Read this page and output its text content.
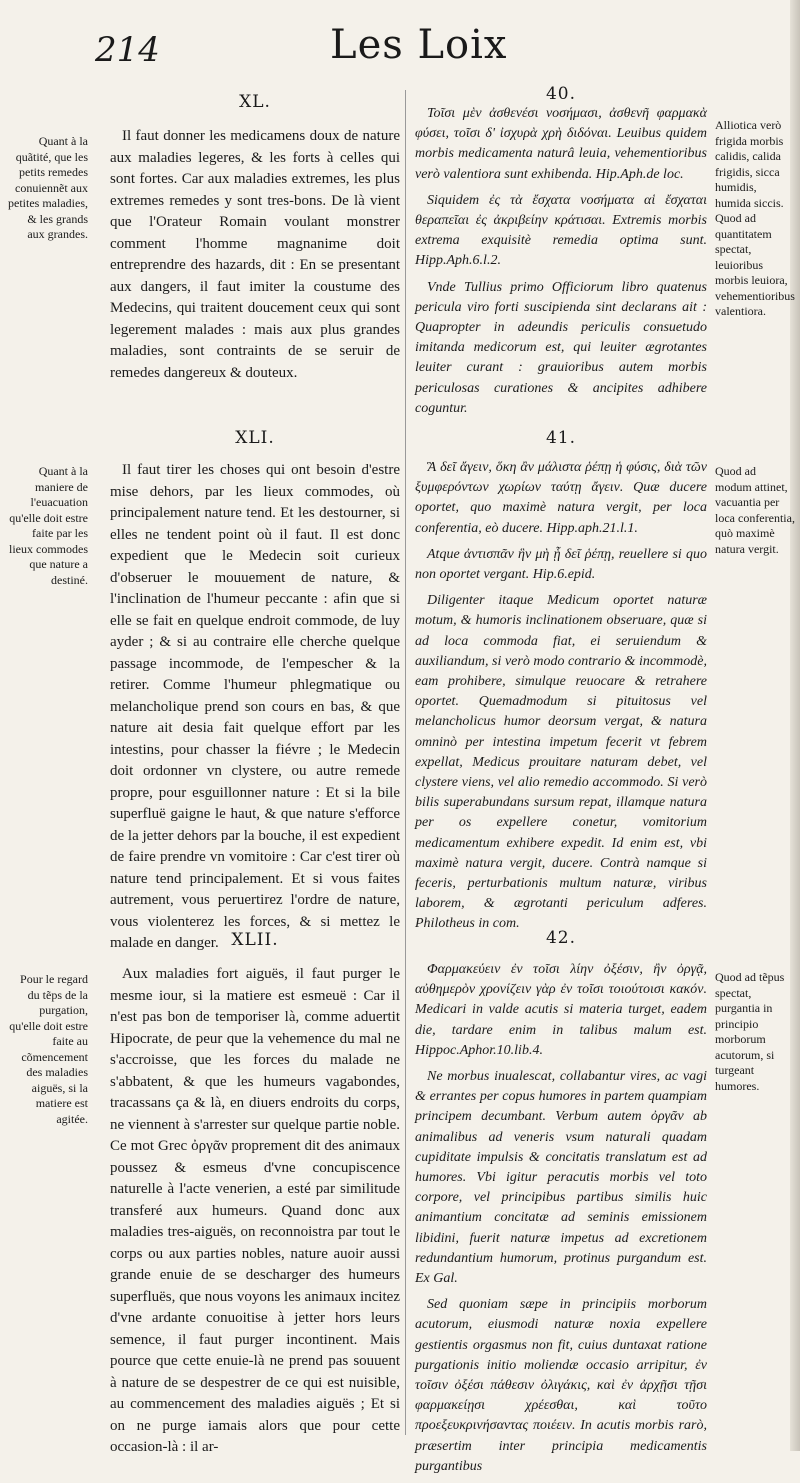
214	Les Loix
XL.
Quant à la quãtité, que les petits remedes conuiennẽt aux petites maladies, & les grands aux grandes.

Il faut donner les medicamens doux de nature aux maladies legeres, & les forts à celles qui sont fortes. Car aux maladies extremes, les plus extremes remedes y sont tres-bons. De là vient que l'Orateur Romain voulant monstrer comment l'homme magnanime doit entreprendre des hazards, dit : En se presentant aux dangers, il faut imiter la coustume des Medecins, qui traitent doucement ceux qui sont legerement malades : mais aux plus grandes maladies, sont contraints de se seruir de remedes dangereux & douteux.

40.

Τοῖσι μὲν ἀσθενέσι νοσήμασι, ἀσθενῆ φαρμακὰ φύσει, τοῖσι δ' ἰσχυρὰ χρὴ διδόναι. Leuibus quidem morbis medicamenta naturâ leuia, vehementioribus verò valentiora sunt exhibenda. Hip.Aph.de loc.

Siquidem ἐς τὰ ἔσχατα νοσήματα αἱ ἔσχαται θεραπεῖαι ἐς ἀκριβείην κράτισαι. Extremis morbis extrema exquisitè remedia optima sunt. Hipp.Aph.6.l.2.

Vnde Tullius primo Officiorum libro quatenus pericula viro forti suscipienda sint declarans ait : Quapropter in adeundis periculis consuetudo imitanda medicorum est, qui leuiter ægrotantes leuiter curant : grauioribus autem morbis periculosas curationes & ancipites adhibere coguntur.

Alliotica verò frigida morbis calidis, calida frigidis, sicca humidis, humida siccis. Quod ad quantitatem spectat, leuioribus morbis leuiora, vehementioribus valentiora.
XLI.
Quant à la maniere de l'euacuation qu'elle doit estre faite par les lieux commodes que nature a destiné.

Il faut tirer les choses qui ont besoin d'estre mise dehors, par les lieux commodes, où principalement nature tend. Et les destourner, si elles ne tendent point où il faut. Il est donc expedient que le Medecin soit curieux d'obseruer le mouuement de nature, & l'inclination de l'humeur peccante : afin que si elle se fait en quelque endroit commode, de luy ayder ; & si au contraire elle cherche quelque passage incommode, de l'empescher & la retirer. Comme l'humeur phlegmatique ou melancholique prend son cours en bas, & que nature ait desia fait quelque effort par les intestins, pour chasser la fiévre ; le Medecin doit ordonner vn clystere, ou autre remede propre, pour esguillonner nature : Et si la bile superfluë gaigne le haut, & que nature s'efforce de la jetter dehors par la bouche, il est expedient de faire prendre vn vomitoire : Car c'est tirer où nature tend principalement. Et si vous faites autrement, vous peruertirez l'ordre de nature, vous violenterez les forces, & si mettez le malade en danger.

41.

Ἃ δεῖ ἄγειν, ὅκη ἂν μάλιστα ῥέπῃ ἡ φύσις, διὰ τῶν ξυμφερόντων χωρίων ταύτῃ ἄγειν. Quæ ducere oportet, quo maximè natura vergit, per loca conferentia, eò ducere. Hipp.aph.21.l.1.

Atque ἀντισπᾶν ἣν μὴ ᾗ δεῖ ῥέπῃ, reuellere si quo non oportet vergant. Hip.6.epid.

Diligenter itaque Medicum oportet naturæ motum, & humoris inclinationem obseruare, quæ si ad loca commoda fiat, ei seruiendum & auxiliandum, si verò modo contrario & incommodè, eam prohibere, simulque reuocare & retrahere oportet. Quemadmodum si pituitosus vel melancholicus humor deorsum vergat, & natura omninò per intestina impetum fecerit vt febrem expellat, Medicus prouitare naturam debet, vel clystere viens, vel alio remedio accommodo. Si verò bilis superabundans sursum repat, illamque natura per os expellere conetur, vomitorium medicamentum exhibere expedit. Id enim est, vbi maximè natura vergit, ducere. Contrà namque si feceris, perturbationis multum naturæ, viribus laborem, & ægrotanti periculum adferes. Philotheus in com.

Quod ad modum attinet, vacuantia per loca conferentia, quò maximè natura vergit.
XLII.
Pour le regard du tẽps de la purgation, qu'elle doit estre faite au cõmencement des maladies aiguës, si la matiere est agitée.

Aux maladies fort aiguës, il faut purger le mesme iour, si la matiere est esmeuë : Car il n'est pas bon de temporiser là, comme aduertit Hipocrate, de peur que la vehemence du mal ne s'accroisse, que les forces du malade ne s'abbatent, & que les humeurs vagabondes, tracassans ça & là, en diuers endroits du corps, ne viennent à s'arrester sur quelque partie noble. Ce mot Grec ὀργᾶν proprement dit des animaux poussez & esmeus d'vne concupiscence naturelle à l'acte venerien, a esté par similitude transferé aux humeurs. Quand donc aux maladies tres-aiguës, on reconnoistra par tout le corps ou aux parties nobles, nature auoir aussi grande enuie de se descharger des humeurs superfluës, que nous voyons les animaux incitez d'vne ardante conuoitise à jetter hors leurs semence, il faut purger incontinent. Mais pource que cette enuie-là ne prend pas souuent à nature de se despestrer de ce qui est nuisible, au commencement des maladies aiguës ; Et si on ne purge iamais alors que pour cette occasion-là : il ar-

42.

Φαρμακεύειν ἐν τοῖσι λίην ὀξέσιν, ἢν ὀργᾷ, αὐθημερὸν χρονίζειν γὰρ ἐν τοῖσι τοιούτοισι κακόν. Medicari in valde acutis si materia turget, eadem die, tardare enim in talibus malum est. Hippoc.Aphor.10.lib.4.

Ne morbus inualescat, collabantur vires, ac vagi & errantes per copus humores in partem quampiam principem decumbant. Verbum autem ὀργᾶν ab animalibus ad veneris vsum naturali quadam cupiditate impulsis & concitatis translatum est ad humores. Vbi igitur peracutis morbis vel toto corpore, vel principibus partibus similis huic animantium concitatæ ad seminis emissionem libidini, fuerit naturæ impetus ad excretionem redundantium humorum, protinus purgandum est. Ex Gal.

Sed quoniam sæpe in principiis morborum acutorum, eiusmodi naturæ noxia expellere gestientis orgasmus non fit, cuius duntaxat ratione purgationis initio moliendæ occasio arripitur, ἐν τοῖσιν ὀξέσι πάθεσιν ὀλιγάκις, καὶ ἐν ἀρχῇσι τῇσι φαρμακείῃσι χρέεσθαι, καὶ τοῦτο προεξευκρινήσαντας ποιέειν. In acutis morbis rarò, præsertim inter principia medicamentis purgantibus

Quod ad tẽpus spectat, purgantia in principio morborum acutorum, si turgeant humores.
